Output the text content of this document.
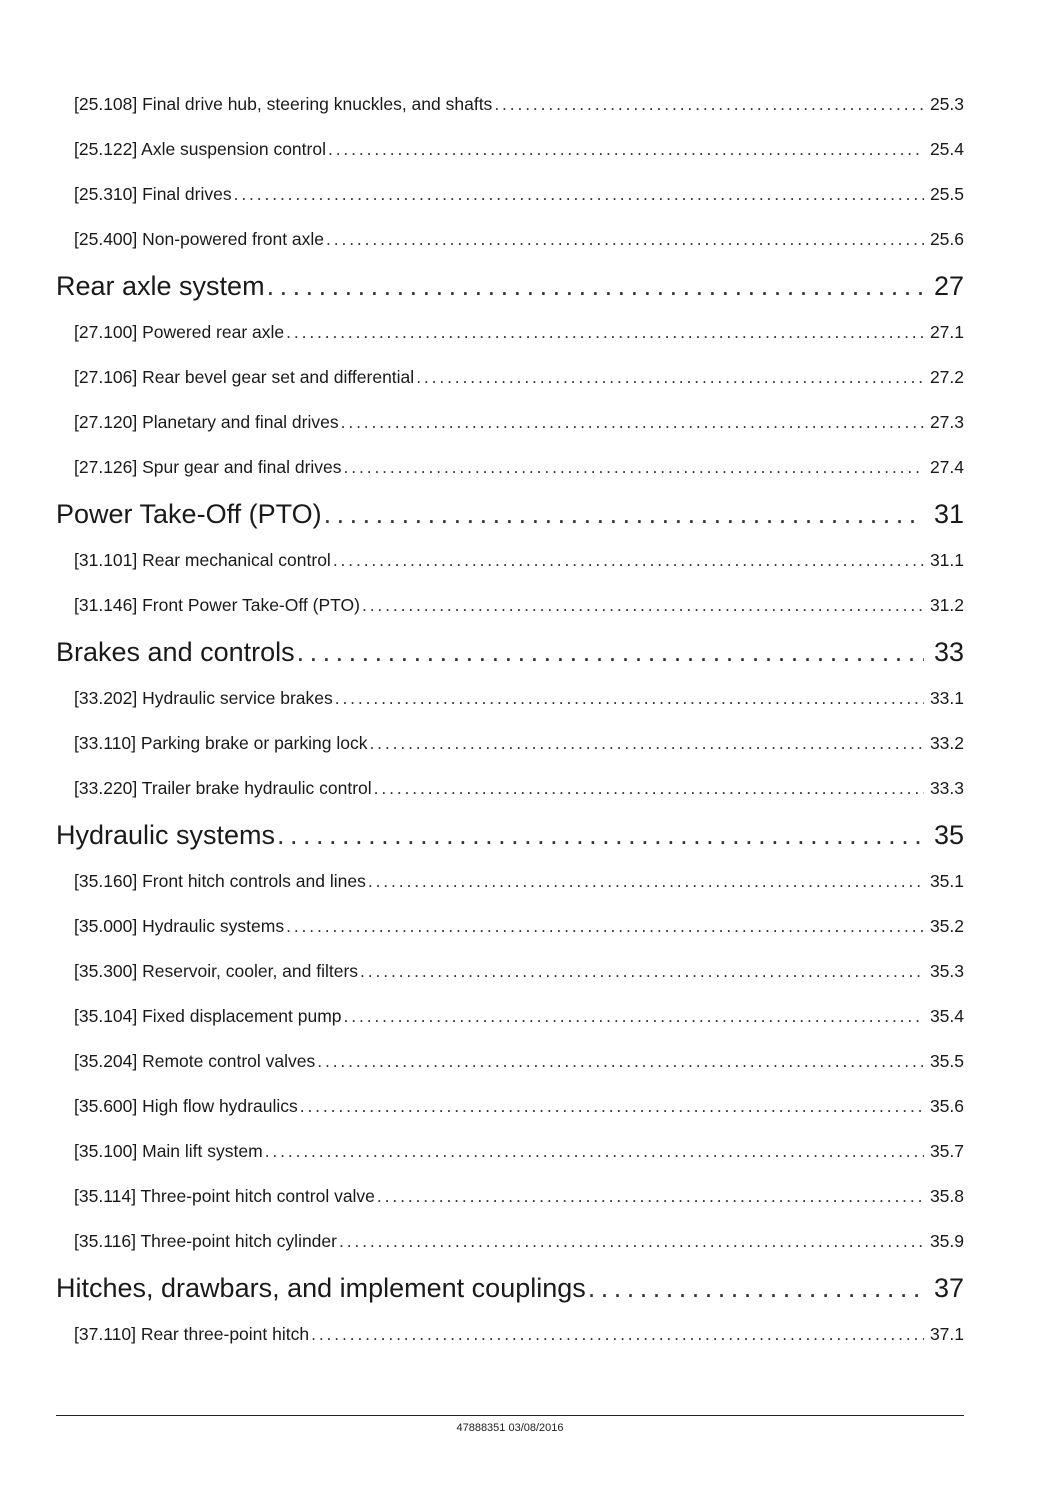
[25.108] Final drive hub, steering knuckles, and shafts . . .	25.3
[25.122] Axle suspension control . . .	25.4
[25.310] Final drives . . .	25.5
[25.400] Non-powered front axle . . .	25.6
Rear axle system . . .	27
[27.100] Powered rear axle . . .	27.1
[27.106] Rear bevel gear set and differential . . .	27.2
[27.120] Planetary and final drives . . .	27.3
[27.126] Spur gear and final drives . . .	27.4
Power Take-Off (PTO) . . .	31
[31.101] Rear mechanical control . . .	31.1
[31.146] Front Power Take-Off (PTO) . . .	31.2
Brakes and controls . . .	33
[33.202] Hydraulic service brakes . . .	33.1
[33.110] Parking brake or parking lock . . .	33.2
[33.220] Trailer brake hydraulic control . . .	33.3
Hydraulic systems . . .	35
[35.160] Front hitch controls and lines . . .	35.1
[35.000] Hydraulic systems . . .	35.2
[35.300] Reservoir, cooler, and filters . . .	35.3
[35.104] Fixed displacement pump . . .	35.4
[35.204] Remote control valves . . .	35.5
[35.600] High flow hydraulics . . .	35.6
[35.100] Main lift system . . .	35.7
[35.114] Three-point hitch control valve . . .	35.8
[35.116] Three-point hitch cylinder . . .	35.9
Hitches, drawbars, and implement couplings . . .	37
[37.110] Rear three-point hitch . . .	37.1
47888351 03/08/2016
